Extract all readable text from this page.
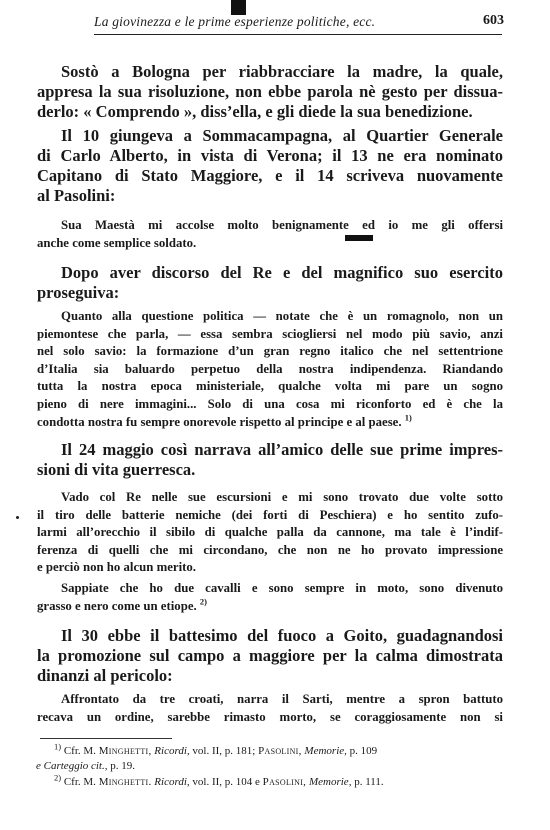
La giovinezza e le prime esperienze politiche, ecc.	603
Sostò a Bologna per riabbracciare la madre, la quale,
appresa la sua risoluzione, non ebbe parola nè gesto per dissua-
derlo: « Comprendo », diss’ella, e gli diede la sua benedizione.
Il 10 giungeva a Sommacampagna, al Quartier Generale
di Carlo Alberto, in vista di Verona; il 13 ne era nominato
Capitano di Stato Maggiore, e il 14 scriveva nuovamente
al Pasolini:
Sua Maestà mi accolse molto benignamente ed io me gli offersi
anche come semplice soldato.
Dopo aver discorso del Re e del magnifico suo esercito
proseguiva:
Quanto alla questione politica — notate che è un romagnolo, non un
piemontese che parla, — essa sembra sciogliersi nel modo più savio, anzi
nel solo savio: la formazione d’un gran regno italico che nel settentrione
d’Italia sia baluardo perpetuo della nostra indipendenza. Riandando
tutta la nostra epoca ministeriale, qualche volta mi pare un sogno
pieno di nere immagini... Solo di una cosa mi riconforto ed è che la
condotta nostra fu sempre onorevole rispetto al principe e al paese. $^{1)}$
Il 24 maggio così narrava all’amico delle sue prime impres-
sioni di vita guerresca.
Vado col Re nelle sue escursioni e mi sono trovato due volte sotto
il tiro delle batterie nemiche (dei forti di Peschiera) e ho sentito zufo-
larmi all’orecchio il sibilo di qualche palla da cannone, ma tale è l’indif-
ferenza di quelli che mi circondano, che non ne ho provato impressione
e perciò non ho alcun merito.
Sappiate che ho due cavalli e sono sempre in moto, sono divenuto
grasso e nero come un etiope. $^{2)}$
Il 30 ebbe il battesimo del fuoco a Goito, guadagnandosi
la promozione sul campo a maggiore per la calma dimostrata
dinanzi al pericolo:
Affrontato da tre croati, narra il Sarti, mentre a spron battuto
recava un ordine, sarebbe rimasto morto, se coraggiosamente non si
$^{1)}$ Cfr. M. Minghetti, Ricordi, vol. II, p. 181; Pasolini, Memorie, p. 109
e Carteggio cit., p. 19.
$^{2)}$ Cfr. M. Minghetti. Ricordi, vol. II, p. 104 e Pasolini, Memorie, p. 111.
